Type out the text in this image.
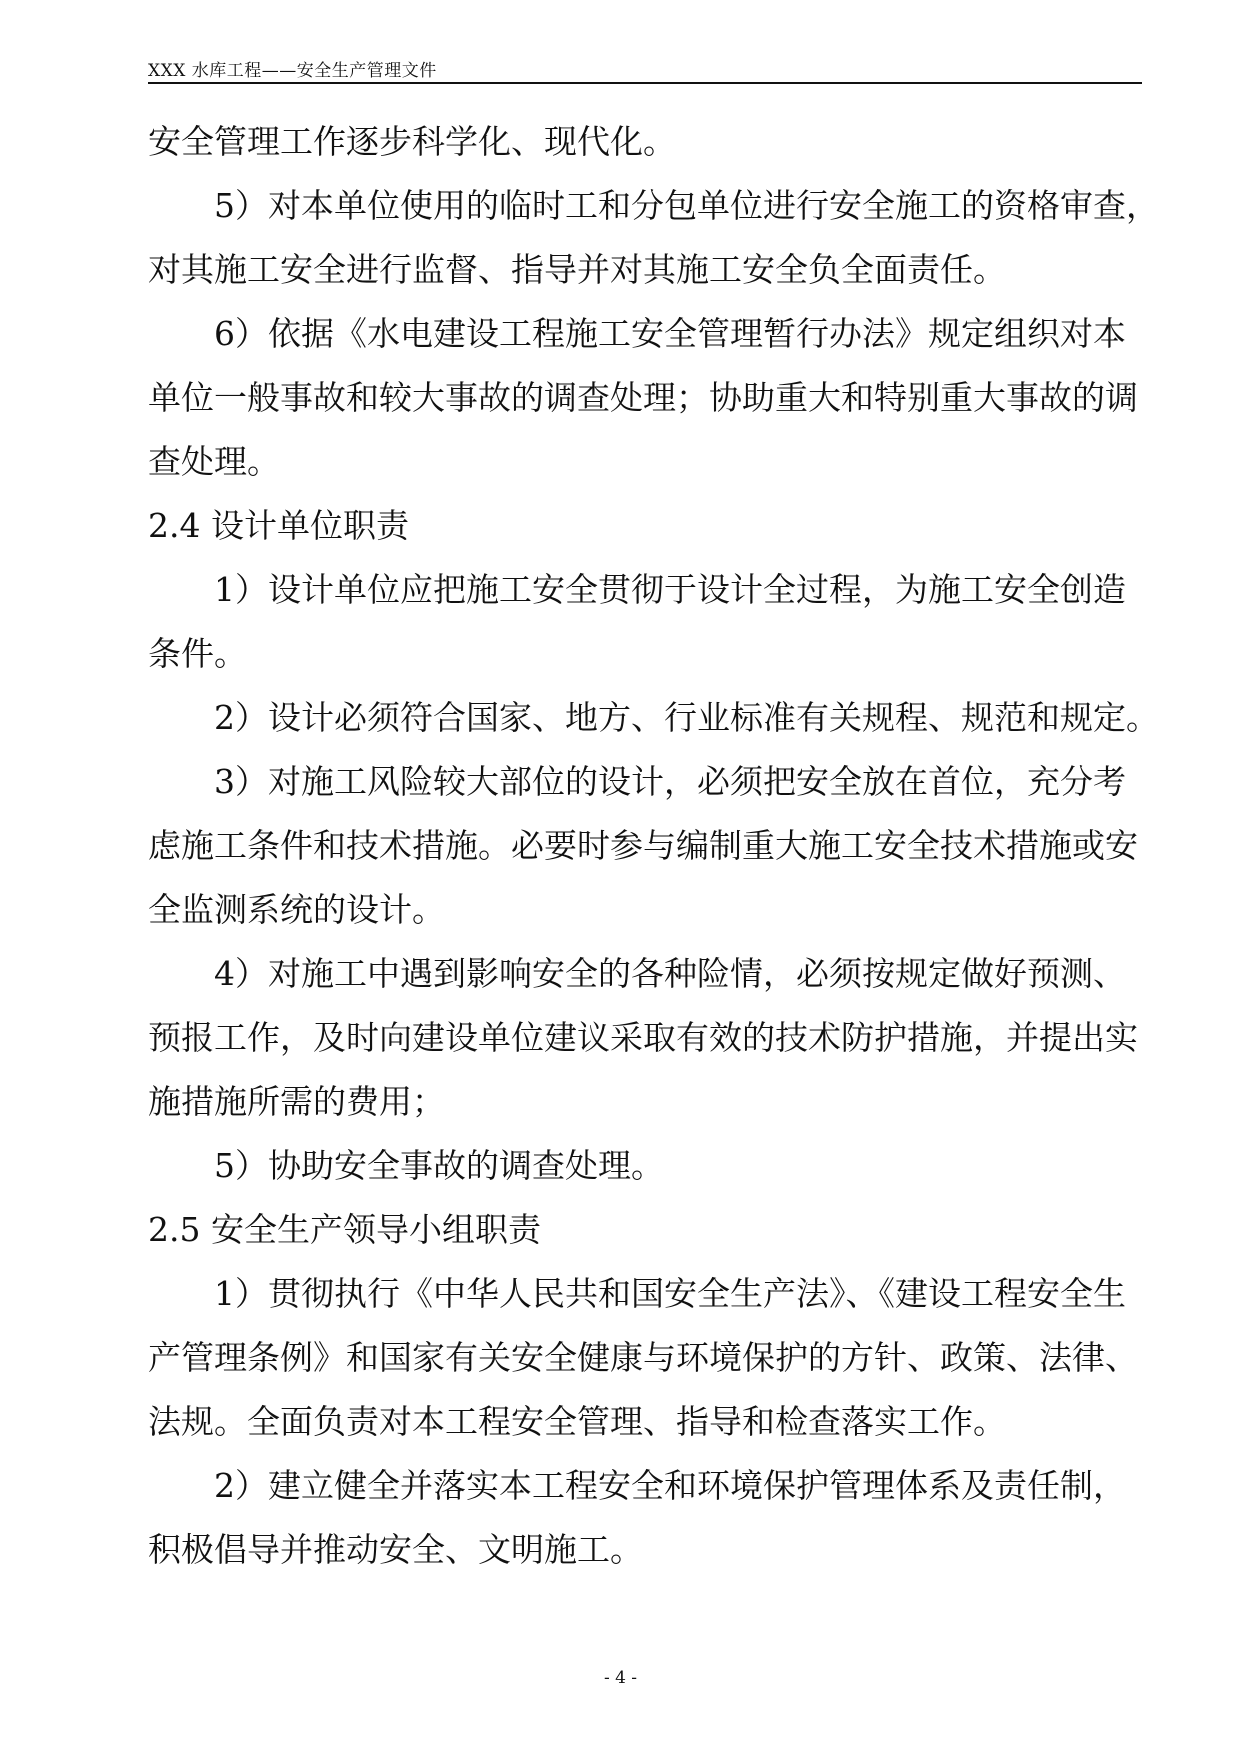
XXX 水库工程——安全生产管理文件
安全管理工作逐步科学化、现代化。
5）对本单位使用的临时工和分包单位进行安全施工的资格审查，
对其施工安全进行监督、指导并对其施工安全负全面责任。
6）依据《水电建设工程施工安全管理暂行办法》规定组织对本
单位一般事故和较大事故的调查处理；协助重大和特别重大事故的调
查处理。
2.4 设计单位职责
1）设计单位应把施工安全贯彻于设计全过程，为施工安全创造
条件。
2）设计必须符合国家、地方、行业标准有关规程、规范和规定。
3）对施工风险较大部位的设计，必须把安全放在首位，充分考
虑施工条件和技术措施。必要时参与编制重大施工安全技术措施或安
全监测系统的设计。
4）对施工中遇到影响安全的各种险情，必须按规定做好预测、
预报工作，及时向建设单位建议采取有效的技术防护措施，并提出实
施措施所需的费用；
5）协助安全事故的调查处理。
2.5 安全生产领导小组职责
1）贯彻执行《中华人民共和国安全生产法》、《建设工程安全生
产管理条例》和国家有关安全健康与环境保护的方针、政策、法律、
法规。全面负责对本工程安全管理、指导和检查落实工作。
2）建立健全并落实本工程安全和环境保护管理体系及责任制，
积极倡导并推动安全、文明施工。
- 4 -
